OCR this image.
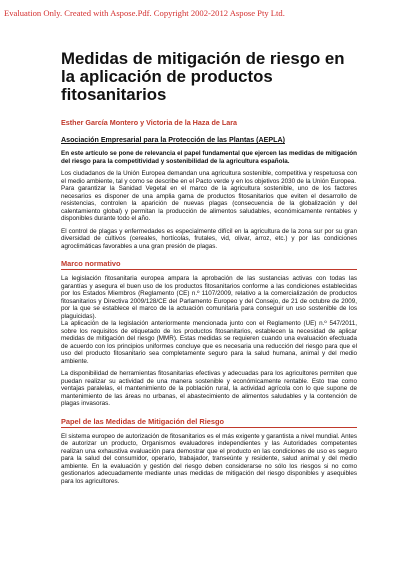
Evaluation Only. Created with Aspose.Pdf. Copyright 2002-2012 Aspose Pty Ltd.
Medidas de mitigación de riesgo en la aplicación de productos fitosanitarios

Esther García Montero y Victoria de la Haza de Lara

Asociación Empresarial para la Protección de las Plantas (AEPLA)

En este artículo se pone de relevancia el papel fundamental que ejercen las medidas de mitigación del riesgo para la competitividad y sostenibilidad de la agricultura española.

Los ciudadanos de la Unión Europea demandan una agricultura sostenible, competitiva y respetuosa con el medio ambiente, tal y como se describe en el Pacto verde y en los objetivos 2030 de la Unión Europea.

Para garantizar la Sanidad Vegetal en el marco de la agricultura sostenible, uno de los factores necesarios es disponer de una amplia gama de productos fitosanitarios que eviten el desarrollo de resistencias, controlen la aparición de nuevas plagas (consecuencia de la globalización y del calentamiento global) y permitan la producción de alimentos saludables, económicamente rentables y disponibles durante todo el año.

El control de plagas y enfermedades es especialmente difícil en la agricultura de la zona sur por su gran diversidad de cultivos (cereales, hortícolas, frutales, vid, olivar, arroz, etc.) y por las condiciones agroclimáticas favorables a una gran presión de plagas.

Marco normativo

La legislación fitosanitaria europea ampara la aprobación de las sustancias activas con todas las garantías y asegura el buen uso de los productos fitosanitarios conforme a las condiciones establecidas por los Estados Miembros (Reglamento (CE) n.º 1107/2009, relativo a la comercialización de productos fitosanitarios y Directiva 2009/128/CE del Parlamento Europeo y del Consejo, de 21 de octubre de 2009, por la que se establece el marco de la actuación comunitaria para conseguir un uso sostenible de los plaguicidas).

La aplicación de la legislación anteriormente mencionada junto con el Reglamento (UE) n.º 547/2011, sobre los requisitos de etiquetado de los productos fitosanitarios, establecen la necesidad de aplicar medidas de mitigación del riesgo (MMR). Estas medidas se requieren cuando una evaluación efectuada de acuerdo con los principios uniformes concluye que es necesaria una reducción del riesgo para que el uso del producto fitosanitario sea completamente seguro para la salud humana, animal y del medio ambiente.

La disponibilidad de herramientas fitosanitarias efectivas y adecuadas para los agricultores permiten que puedan realizar su actividad de una manera sostenible y económicamente rentable. Esto trae como ventajas paralelas, el mantenimiento de la población rural, la actividad agrícola con lo que supone de mantenimiento de las áreas no urbanas, el abastecimiento de alimentos saludables y la contención de plagas invasoras.

Papel de las Medidas de Mitigación del Riesgo

El sistema europeo de autorización de fitosanitarios es el más exigente y garantista a nivel mundial. Antes de autorizar un producto, Organismos evaluadores independientes y las Autoridades competentes realizan una exhaustiva evaluación para demostrar que el producto en las condiciones de uso es seguro para la salud del consumidor, operario, trabajador, transeúnte y residente, salud animal y del medio ambiente. En la evaluación y gestión del riesgo deben considerarse no sólo los riesgos si no como gestionarlos adecuadamente mediante unas medidas de mitigación del riesgo disponibles y asequibles para los agricultores.
